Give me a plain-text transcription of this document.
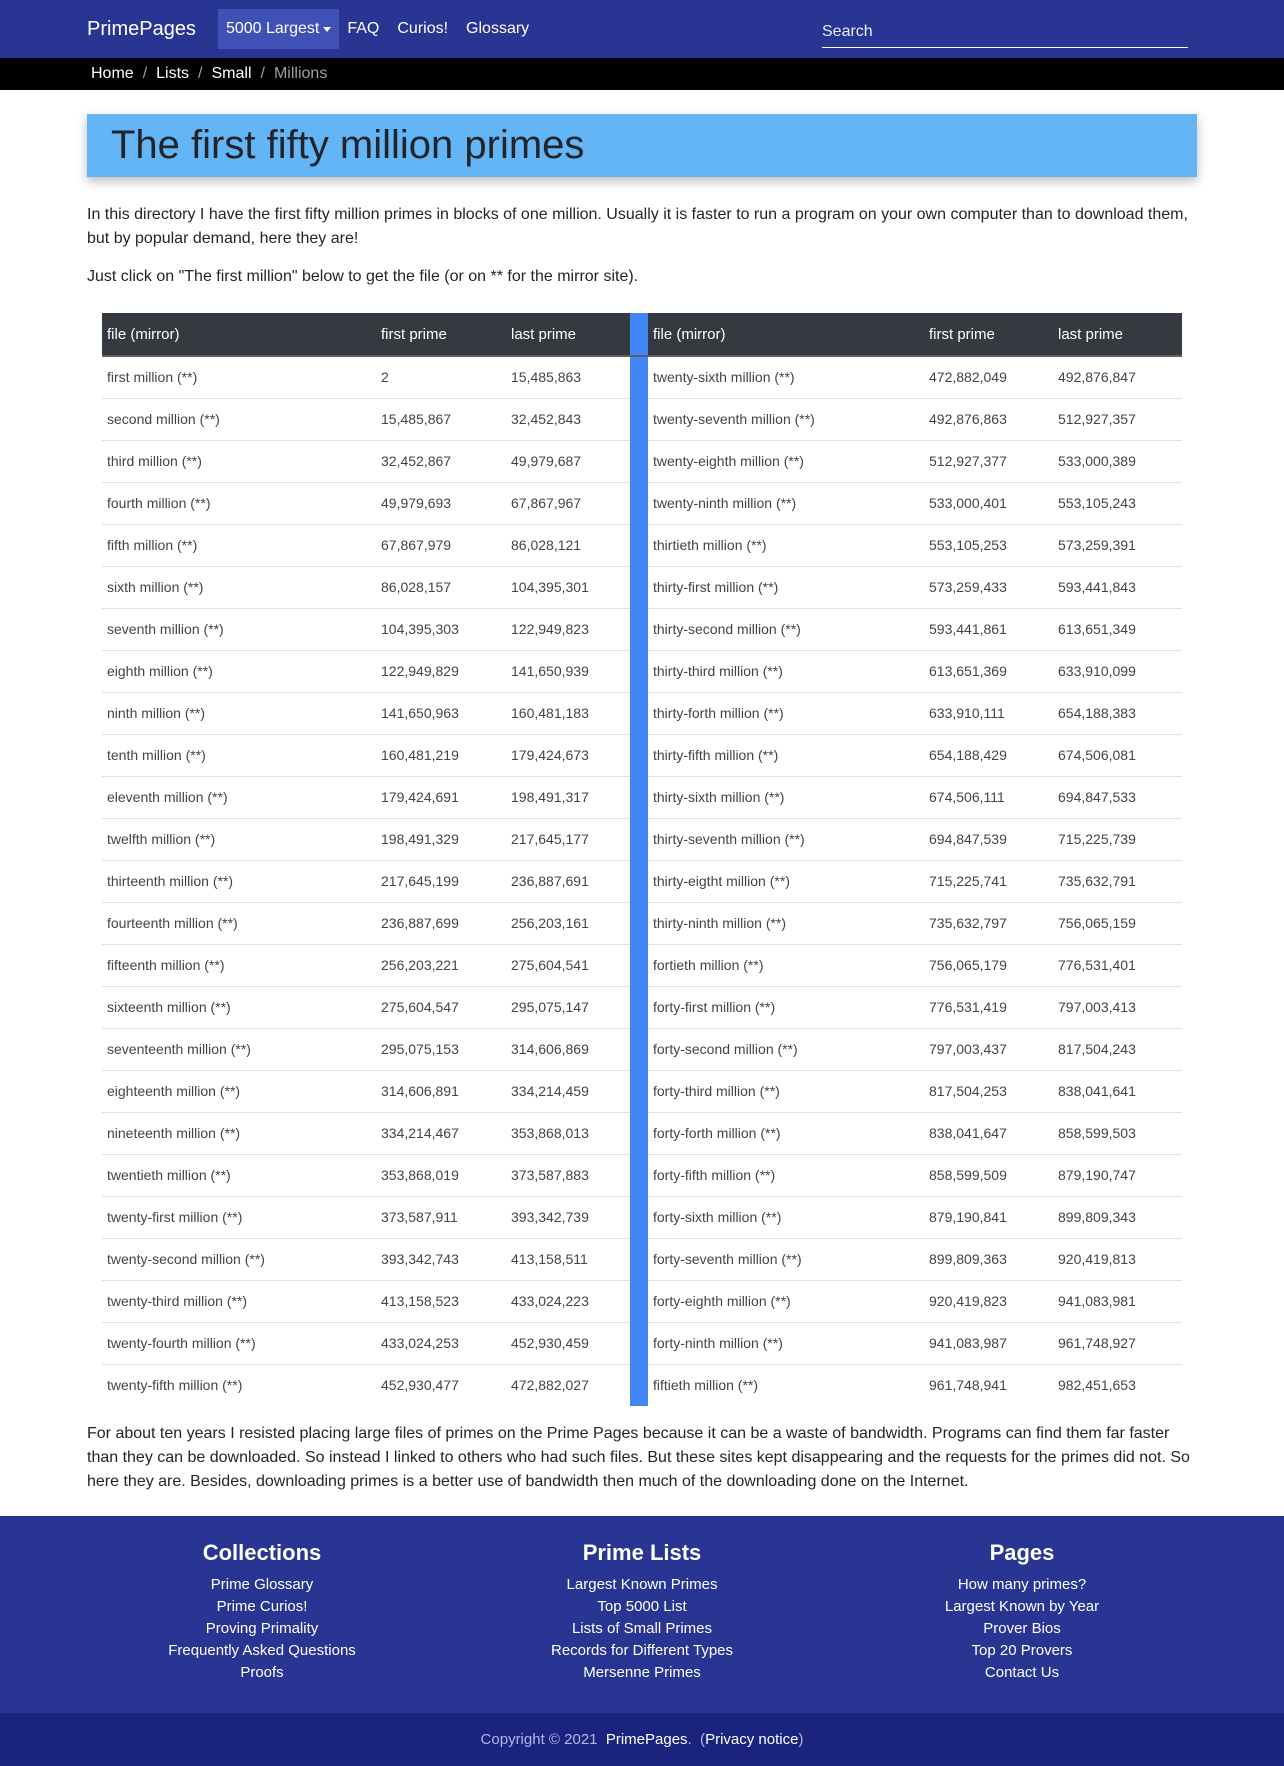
PrimePages 5000 Largest FAQ Curios! Glossary
Search
Home / Lists / Small / Millions
The first fifty million primes

In this directory I have the first fifty million primes in blocks of one million. Usually it is faster to run a program on your own computer than to download them, but by popular demand, here they are!

Just click on "The first million" below to get the file (or on ** for the mirror site).

file (mirror)	first prime	last prime		file (mirror)	first prime	last prime
first million (**)	2	15,485,863		twenty-sixth million (**)	472,882,049	492,876,847
second million (**)	15,485,867	32,452,843		twenty-seventh million (**)	492,876,863	512,927,357
third million (**)	32,452,867	49,979,687		twenty-eighth million (**)	512,927,377	533,000,389
fourth million (**)	49,979,693	67,867,967		twenty-ninth million (**)	533,000,401	553,105,243
fifth million (**)	67,867,979	86,028,121		thirtieth million (**)	553,105,253	573,259,391
sixth million (**)	86,028,157	104,395,301		thirty-first million (**)	573,259,433	593,441,843
seventh million (**)	104,395,303	122,949,823		thirty-second million (**)	593,441,861	613,651,349
eighth million (**)	122,949,829	141,650,939		thirty-third million (**)	613,651,369	633,910,099
ninth million (**)	141,650,963	160,481,183		thirty-forth million (**)	633,910,111	654,188,383
tenth million (**)	160,481,219	179,424,673		thirty-fifth million (**)	654,188,429	674,506,081
eleventh million (**)	179,424,691	198,491,317		thirty-sixth million (**)	674,506,111	694,847,533
twelfth million (**)	198,491,329	217,645,177		thirty-seventh million (**)	694,847,539	715,225,739
thirteenth million (**)	217,645,199	236,887,691		thirty-eigtht million (**)	715,225,741	735,632,791
fourteenth million (**)	236,887,699	256,203,161		thirty-ninth million (**)	735,632,797	756,065,159
fifteenth million (**)	256,203,221	275,604,541		fortieth million (**)	756,065,179	776,531,401
sixteenth million (**)	275,604,547	295,075,147		forty-first million (**)	776,531,419	797,003,413
seventeenth million (**)	295,075,153	314,606,869		forty-second million (**)	797,003,437	817,504,243
eighteenth million (**)	314,606,891	334,214,459		forty-third million (**)	817,504,253	838,041,641
nineteenth million (**)	334,214,467	353,868,013		forty-forth million (**)	838,041,647	858,599,503
twentieth million (**)	353,868,019	373,587,883		forty-fifth million (**)	858,599,509	879,190,747
twenty-first million (**)	373,587,911	393,342,739		forty-sixth million (**)	879,190,841	899,809,343
twenty-second million (**)	393,342,743	413,158,511		forty-seventh million (**)	899,809,363	920,419,813
twenty-third million (**)	413,158,523	433,024,223		forty-eighth million (**)	920,419,823	941,083,981
twenty-fourth million (**)	433,024,253	452,930,459		forty-ninth million (**)	941,083,987	961,748,927
twenty-fifth million (**)	452,930,477	472,882,027		fiftieth million (**)	961,748,941	982,451,653

For about ten years I resisted placing large files of primes on the Prime Pages because it can be a waste of bandwidth. Programs can find them far faster than they can be downloaded. So instead I linked to others who had such files. But these sites kept disappearing and the requests for the primes did not. So here they are. Besides, downloading primes is a better use of bandwidth then much of the downloading done on the Internet.

Collections
Prime Glossary
Prime Curios!
Proving Primality
Frequently Asked Questions
Proofs
Prime Lists
Largest Known Primes
Top 5000 List
Lists of Small Primes
Records for Different Types
Mersenne Primes
Pages
How many primes?
Largest Known by Year
Prover Bios
Top 20 Provers
Contact Us
Copyright © 2021
PrimePages . ( Privacy notice )
